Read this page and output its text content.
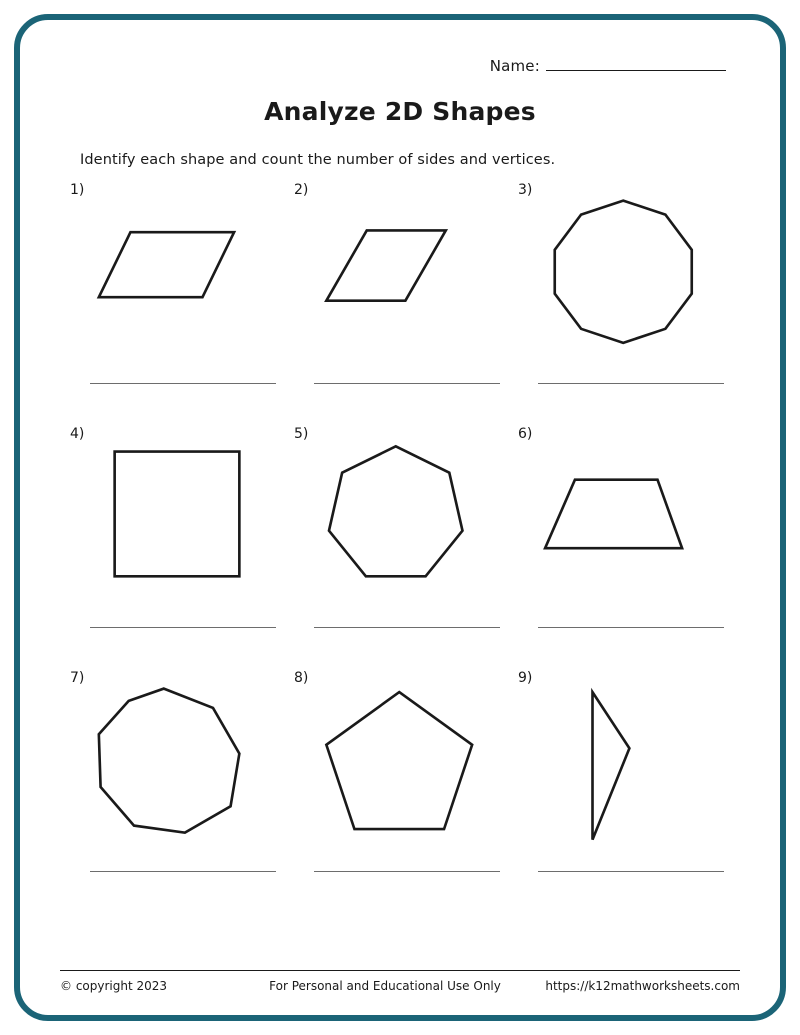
Name:
Analyze 2D Shapes
Identify each shape and count the number of sides and vertices.
1)	2)	3)
4)	5)	6)
7)	8)	9)
© copyright 2023	For Personal and Educational Use Only	https://k12mathworksheets.com
